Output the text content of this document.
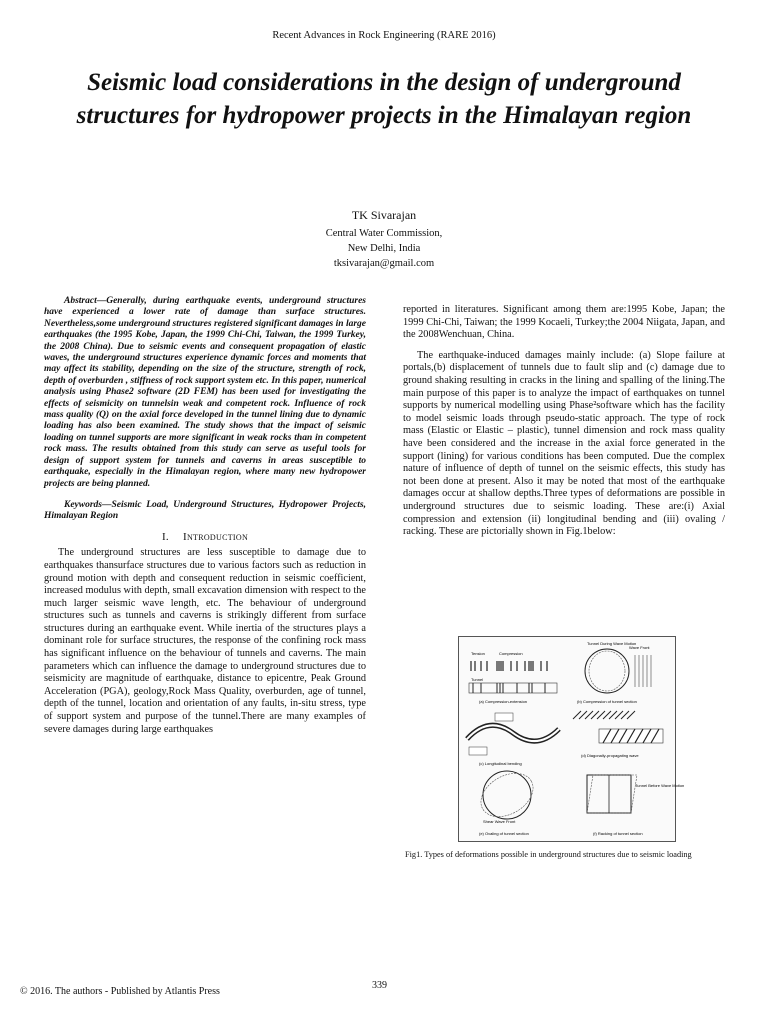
Recent Advances in Rock Engineering (RARE 2016)
Seismic load considerations in the design of underground structures for hydropower projects in the Himalayan region
TK Sivarajan
Central Water Commission,
New Delhi, India
tksivarajan@gmail.com

Abstract—Generally, during earthquake events, underground structures have experienced a lower rate of damage than surface structures. Nevertheless,some underground structures registered significant damages in large earthquakes (the 1995 Kobe, Japan, the 1999 Chi-Chi, Taiwan, the 1999 Turkey, the 2008 China). Due to seismic events and consequent propagation of elastic waves, the underground structures experience dynamic forces and moments that may affect its stability, depending on the size of the structure, strength of rock, depth of overburden , stiffness of rock support system etc. In this paper, numerical analysis using Phase2 software (2D FEM) has been used for investigating the effects of seismicity on tunnelsin weak and competent rock. Influence of rock mass quality (Q) on the axial force developed in the tunnel lining due to dynamic loading has also been examined. The study shows that the impact of seismic loading on tunnel supports are more significant in weak rocks than in competent rock mass. The results obtained from this study can serve as useful tools for design of support system for tunnels and caverns in areas susceptible to earthquake, especially in the Himalayan region, where many new hydropower projects are being planned.

Keywords—Seismic Load, Underground Structures, Hydropower Projects, Himalayan Region

I. Introduction

The underground structures are less susceptible to damage due to earthquakes thansurface structures due to various factors such as reduction in ground motion with depth and consequent reduction in seismic coefficient, increased modulus with depth, small excavation dimension with respect to the much larger seismic wave length, etc. The behaviour of underground structures such as tunnels and caverns is strikingly different from surface structures during an earthquake event. While inertia of the structures plays a dominant role for surface structures, the response of the confining rock mass has significant influence on the behaviour of tunnels and caverns. The main parameters which can influence the damage to underground structures due to seismicity are magnitude of earthquake, distance to epicentre, Peak Ground Acceleration (PGA), geology,Rock Mass Quality, overburden, age of tunnel, depth of the tunnel, location and orientation of any faults, in-situ stress, type of support system and purpose of the tunnel.There are many examples of severe damages during large earthquakes

reported in literatures. Significant among them are:1995 Kobe, Japan; the 1999 Chi-Chi, Taiwan; the 1999 Kocaeli, Turkey;the 2004 Niigata, Japan, and the 2008Wenchuan, China.

The earthquake-induced damages mainly include: (a) Slope failure at portals,(b) displacement of tunnels due to fault slip and (c) damage due to ground shaking resulting in cracks in the lining and spalling of the lining.The main purpose of this paper is to analyze the impact of earthquakes on tunnel supports by numerical modelling using Phase²software which has the facility to model seismic loads through pseudo-static approach. The type of rock mass (Elastic or Elastic – plastic), tunnel dimension and rock mass quality have been considered and the increase in the axial force generated in the support (lining) for various conditions has been computed. Due the complex nature of influence of depth of tunnel on the seismic effects, this study has not been done at present. Also it may be noted that most of the earthquake damages occur at shallow depths.Three types of deformations are possible in underground structures due to seismic loading. These are:(i) Axial compression and extension (ii) longitudinal bending and (iii) ovaling / racking. These are pictorially shown in Fig.1below:

Tension	Compression
Tunnel
(a) Compression-extension
Tunnel During Wave Motion
Wave Front
(b) Compression of tunnel section
(c) Longitudinal bending
(d) Diagonally-propagating wave
Shear Wave Front
(e) Ovaling of tunnel section
Tunnel Before Wave Motion
(f) Racking of tunnel section
Fig1. Types of deformations possible in underground structures due to seismic loading
© 2016. The authors - Published by Atlantis Press
339
